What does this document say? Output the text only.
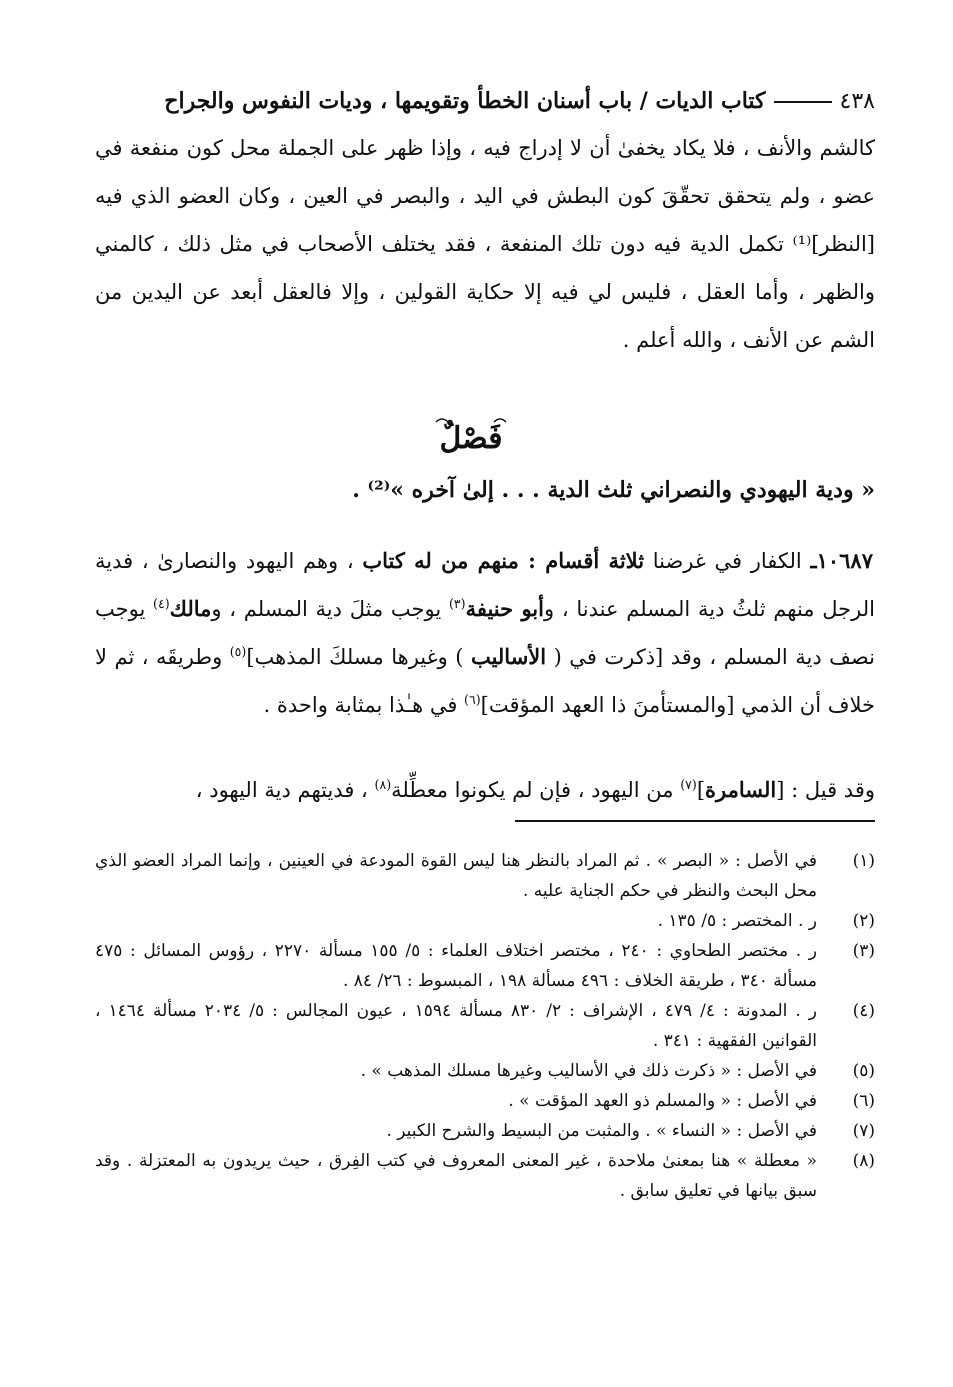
٤٣٨كتاب الديات / باب أسنان الخطأ وتقويمها ، وديات النفوس والجراح

كالشم والأنف ، فلا يكاد يخفىٰ أن لا إدراج فيه ، وإذا ظهر على الجملة محل كون منفعة في عضو ، ولم يتحقق تحقّقَ كون البطش في اليد ، والبصر في العين ، وكان العضو الذي فيه [النظر]⁽¹⁾ تكمل الدية فيه دون تلك المنفعة ، فقد يختلف الأصحاب في مثل ذلك ، كالمني والظهر ، وأما العقل ، فليس لي فيه إلا حكاية القولين ، وإلا فالعقل أبعد عن اليدين من الشم عن الأنف ، والله أعلم .

فَصْلٌ
« ودية اليهودي والنصراني ثلث الدية . . . إلىٰ آخره »⁽²⁾ .

١٠٦٨٧ـ الكفار في غرضنا ثلاثة أقسام : منهم من له كتاب ، وهم اليهود والنصارىٰ ، فدية الرجل منهم ثلثُ دية المسلم عندنا ، وأبو حنيفة$^{(٣)}$ يوجب مثلَ دية المسلم ، ومالك$^{(٤)}$ يوجب نصف دية المسلم ، وقد [ذكرت في ( الأساليب ) وغيرها مسلكَ المذهب]$^{(٥)}$ وطريقَه ، ثم لا خلاف أن الذمي [والمستأمنَ ذا العهد المؤقت]$^{(٦)}$ في هـٰذا بمثابة واحدة .

وقد قيل : [السامرة]$^{(٧)}$ من اليهود ، فإن لم يكونوا معطِّلة$^{(٨)}$ ، فديتهم دية اليهود ،

(١)
في الأصل : « البصر » . ثم المراد بالنظر هنا ليس القوة المودعة في العينين ، وإنما المراد العضو الذي محل البحث والنظر في حكم الجناية عليه .
(٢)
ر . المختصر : ٥/ ١٣٥ .
(٣)
ر . مختصر الطحاوي : ٢٤٠ ، مختصر اختلاف العلماء : ٥/ ١٥٥ مسألة ٢٢٧٠ ، رؤوس المسائل : ٤٧٥ مسألة ٣٤٠ ، طريقة الخلاف : ٤٩٦ مسألة ١٩٨ ، المبسوط : ٢٦/ ٨٤ .
(٤)
ر . المدونة : ٤/ ٤٧٩ ، الإشراف : ٢/ ٨٣٠ مسألة ١٥٩٤ ، عيون المجالس : ٥/ ٢٠٣٤ مسألة ١٤٦٤ ، القوانين الفقهية : ٣٤١ .
(٥)
في الأصل : « ذكرت ذلك في الأساليب وغيرها مسلك المذهب » .
(٦)
في الأصل : « والمسلم ذو العهد المؤقت » .
(٧)
في الأصل : « النساء » . والمثبت من البسيط والشرح الكبير .
(٨)
« معطلة » هنا بمعنىٰ ملاحدة ، غير المعنى المعروف في كتب الفِرق ، حيث يريدون به المعتزلة . وقد سبق بيانها في تعليق سابق .
